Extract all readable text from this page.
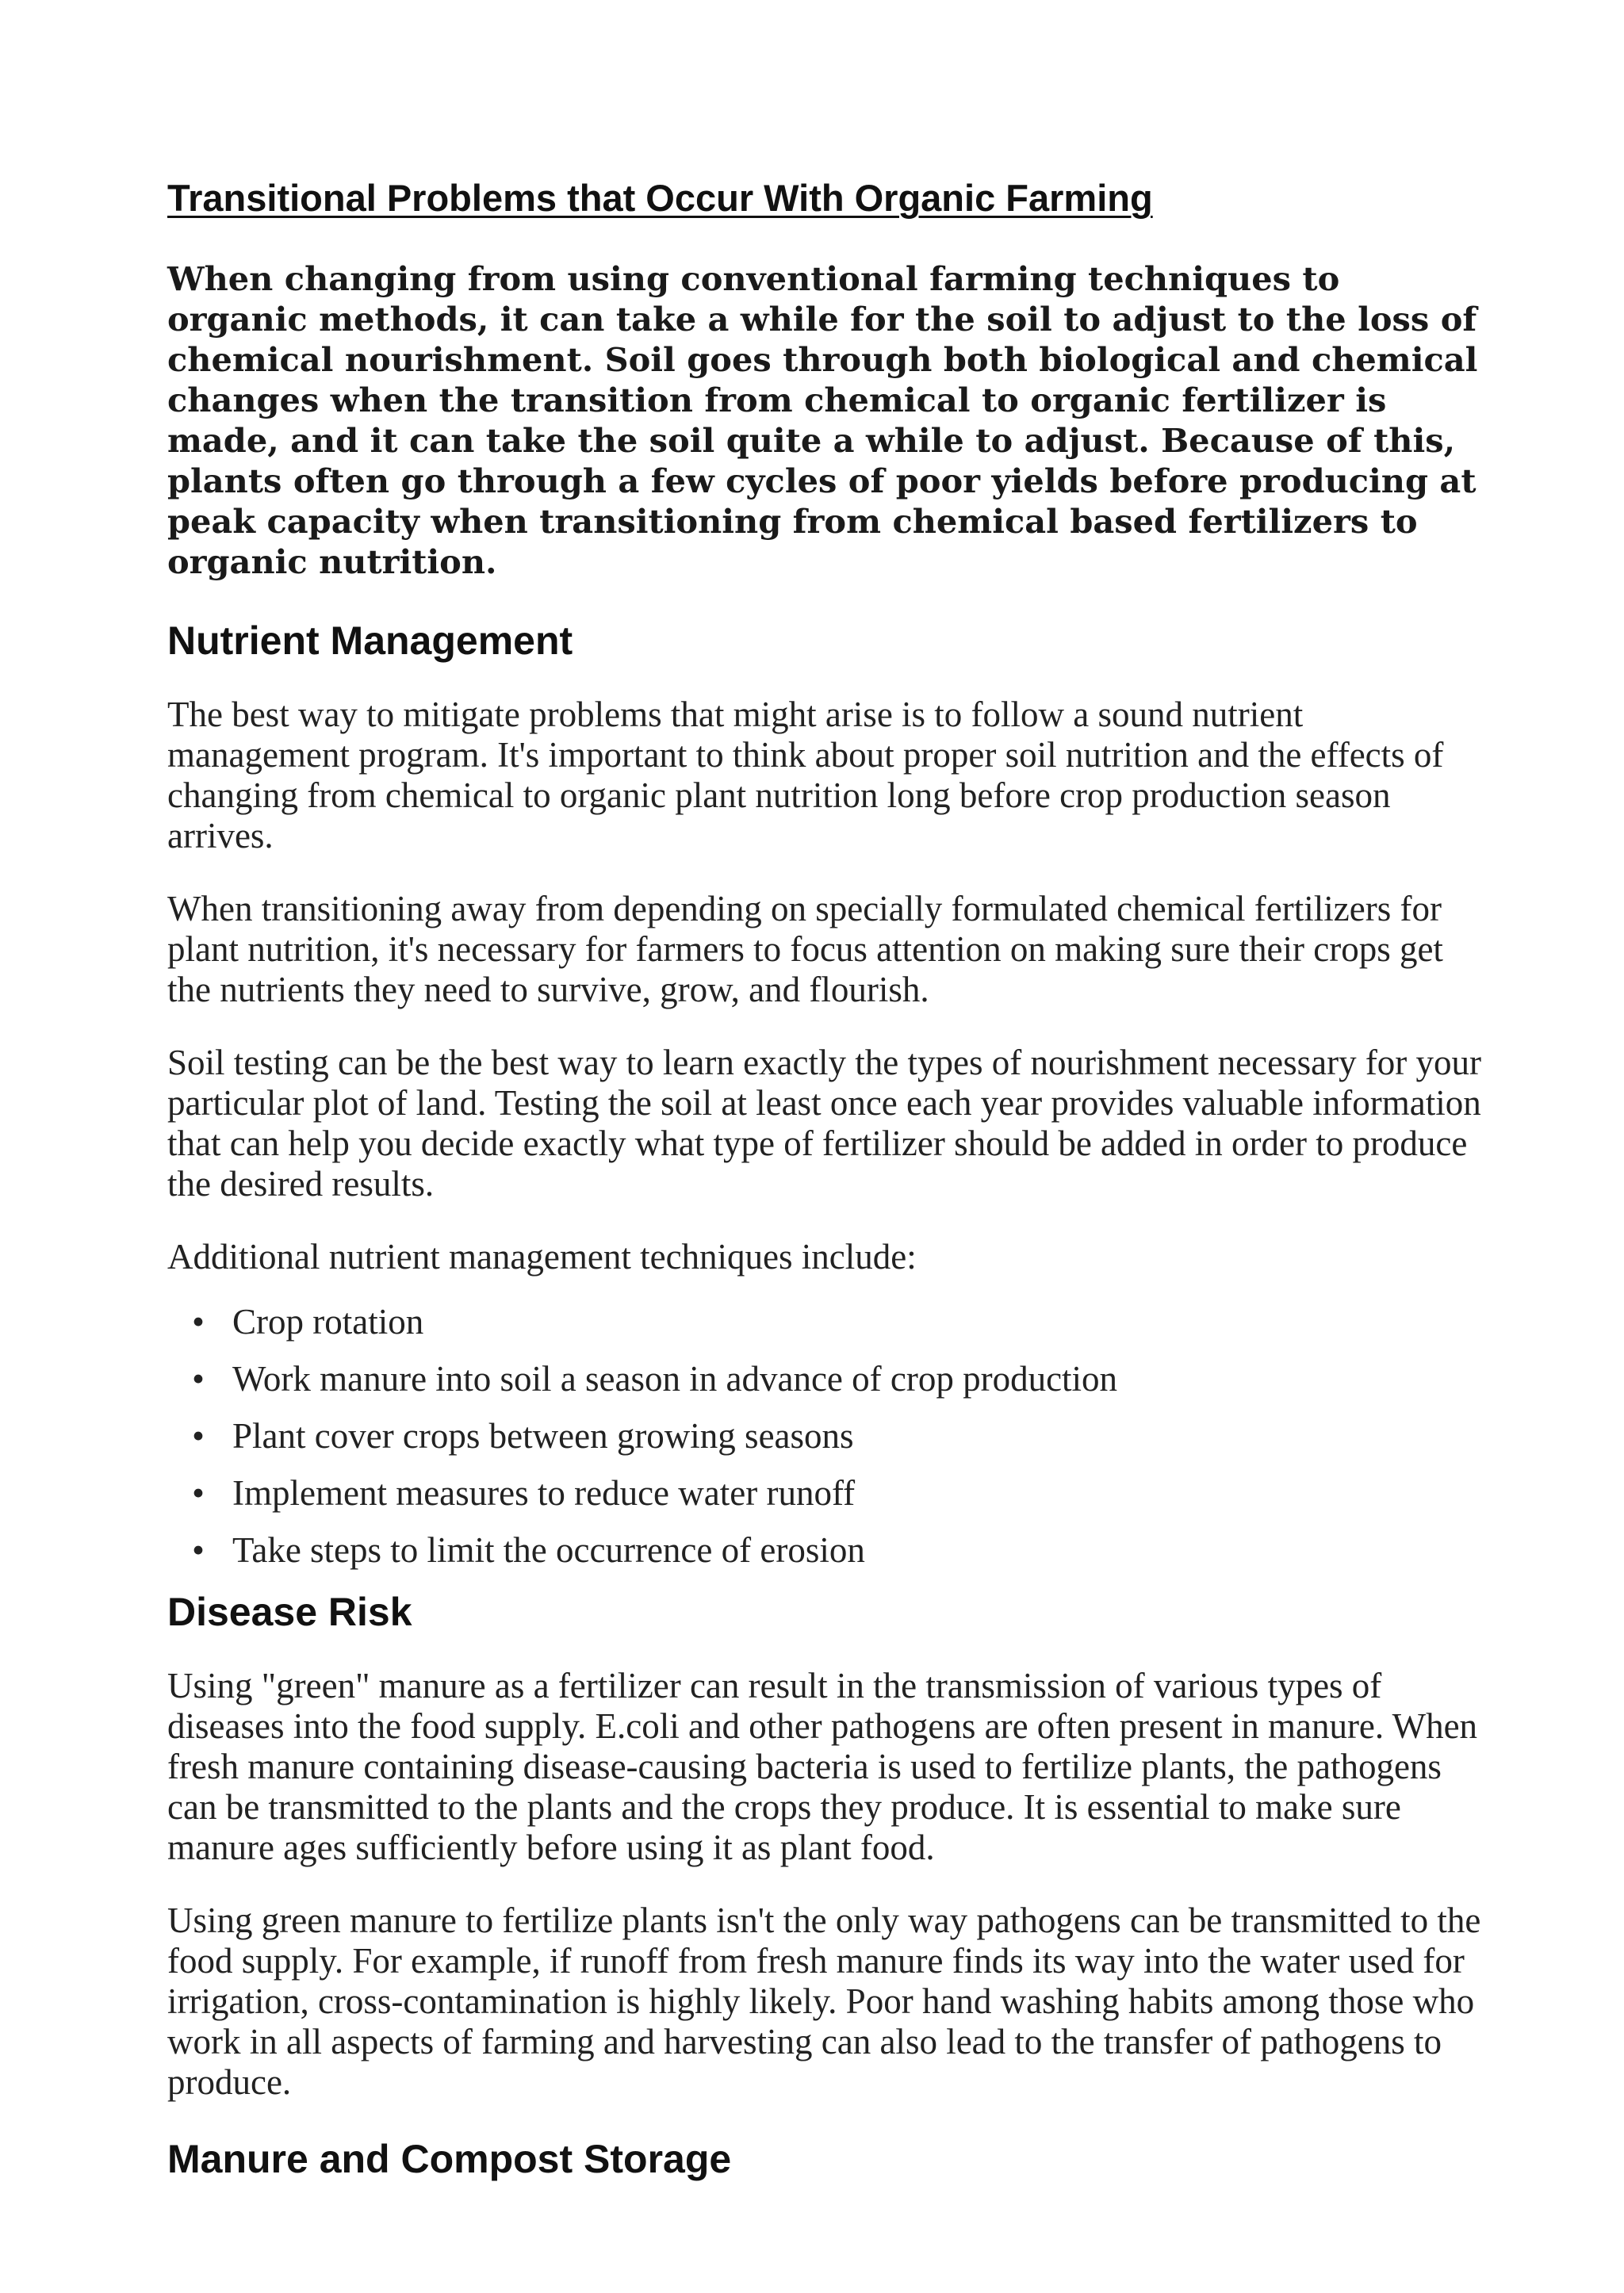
Transitional Problems that Occur With Organic Farming
When changing from using conventional farming techniques to organic methods, it can take a while for the soil to adjust to the loss of chemical nourishment. Soil goes through both biological and chemical changes when the transition from chemical to organic fertilizer is made, and it can take the soil quite a while to adjust. Because of this, plants often go through a few cycles of poor yields before producing at peak capacity when transitioning from chemical based fertilizers to organic nutrition.
Nutrient Management

The best way to mitigate problems that might arise is to follow a sound nutrient management program. It's important to think about proper soil nutrition and the effects of changing from chemical to organic plant nutrition long before crop production season arrives.

When transitioning away from depending on specially formulated chemical fertilizers for plant nutrition, it's necessary for farmers to focus attention on making sure their crops get the nutrients they need to survive, grow, and flourish.

Soil testing can be the best way to learn exactly the types of nourishment necessary for your particular plot of land. Testing the soil at least once each year provides valuable information that can help you decide exactly what type of fertilizer should be added in order to produce the desired results.

Additional nutrient management techniques include:

• Crop rotation
• Work manure into soil a season in advance of crop production
• Plant cover crops between growing seasons
• Implement measures to reduce water runoff
• Take steps to limit the occurrence of erosion
Disease Risk

Using "green" manure as a fertilizer can result in the transmission of various types of diseases into the food supply. E.coli and other pathogens are often present in manure. When fresh manure containing disease-causing bacteria is used to fertilize plants, the pathogens can be transmitted to the plants and the crops they produce. It is essential to make sure manure ages sufficiently before using it as plant food.

Using green manure to fertilize plants isn't the only way pathogens can be transmitted to the food supply. For example, if runoff from fresh manure finds its way into the water used for irrigation, cross-contamination is highly likely. Poor hand washing habits among those who work in all aspects of farming and harvesting can also lead to the transfer of pathogens to produce.

Manure and Compost Storage
